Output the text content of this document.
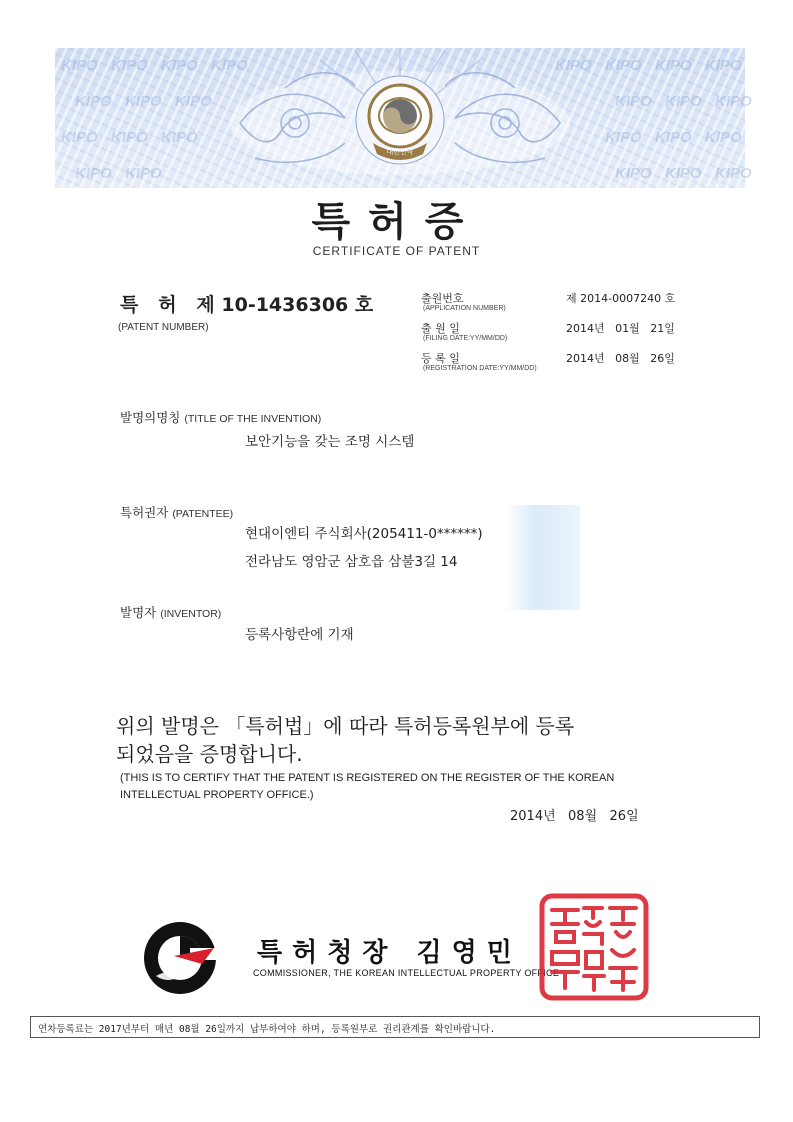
KIPO KIPO KIPO KIPO
KIPO KIPO KIPO
KIPO KIPO KIPO
KIPO KIPO
KIPO KIPO KIPO KIPO
KIPO KIPO KIPO
KIPO KIPO KIPO
KIPO KIPO KIPO
대한민국
특허증
CERTIFICATE OF PATENT
특   허   제 10-1436306 호
(PATENT NUMBER)
출원번호
(APPLICATION NUMBER)
제 2014-0007240 호
출 원 일
(FILING DATE:YY/MM/DD)
2014년   01월   21일
등 록 일
(REGISTRATION DATE:YY/MM/DD)
2014년   08월   26일
발명의명칭 (TITLE OF THE INVENTION)
보안기능을 갖는 조명 시스템
특허권자 (PATENTEE)
현대이엔티 주식회사(205411-0******)
전라남도 영암군 삼호읍 삼불3길 14
발명자 (INVENTOR)
등록사항란에 기재
위의 발명은 「특허법」에 따라 특허등록원부에 등록
되었음을 증명합니다.
(THIS IS TO CERTIFY THAT THE PATENT IS REGISTERED ON THE REGISTER OF THE KOREAN
INTELLECTUAL PROPERTY OFFICE.)
2014년   08월   26일
특허청장 김영민
COMMISSIONER, THE KOREAN INTELLECTUAL PROPERTY OFFICE
연차등록료는 2017년부터 매년 08월 26일까지 납부하여야 하며, 등록원부로 권리관계를 확인바랍니다.
